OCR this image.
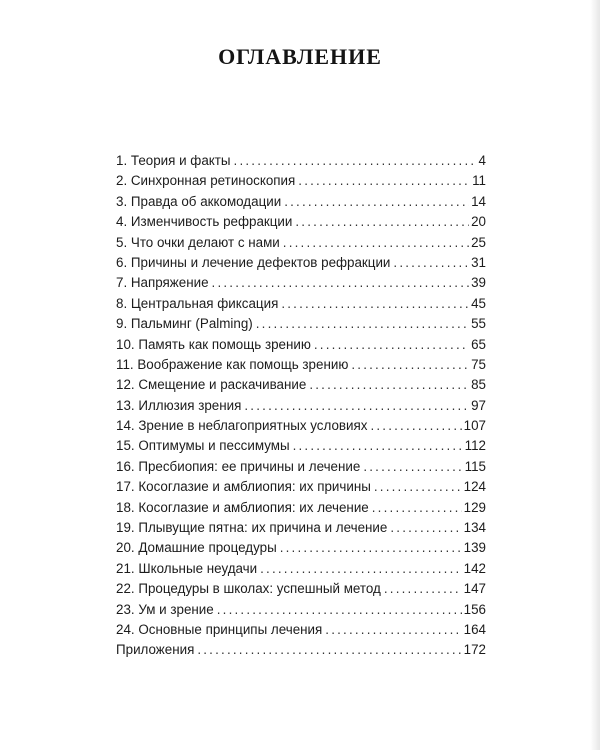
ОГЛАВЛЕНИЕ
1. Теория и факты .....	4
2. Синхронная ретиноскопия .....	11
3. Правда об аккомодации .....	14
4. Изменчивость рефракции .....	20
5. Что очки делают с нами .....	25
6. Причины и лечение дефектов рефракции .....	31
7. Напряжение .....	39
8. Центральная фиксация .....	45
9. Пальминг (Palming) .....	55
10. Память как помощь зрению .....	65
11. Воображение как помощь зрению .....	75
12. Смещение и раскачивание .....	85
13. Иллюзия зрения .....	97
14. Зрение в неблагоприятных условиях .....	107
15. Оптимумы и пессимумы .....	112
16. Пресбиопия: ее причины и лечение .....	115
17. Косоглазие и амблиопия: их причины .....	124
18. Косоглазие и амблиопия: их лечение .....	129
19. Плывущие пятна: их причина и лечение .....	134
20. Домашние процедуры .....	139
21. Школьные неудачи .....	142
22. Процедуры в школах: успешный метод .....	147
23. Ум и зрение .....	156
24. Основные принципы лечения .....	164
Приложения .....	172
